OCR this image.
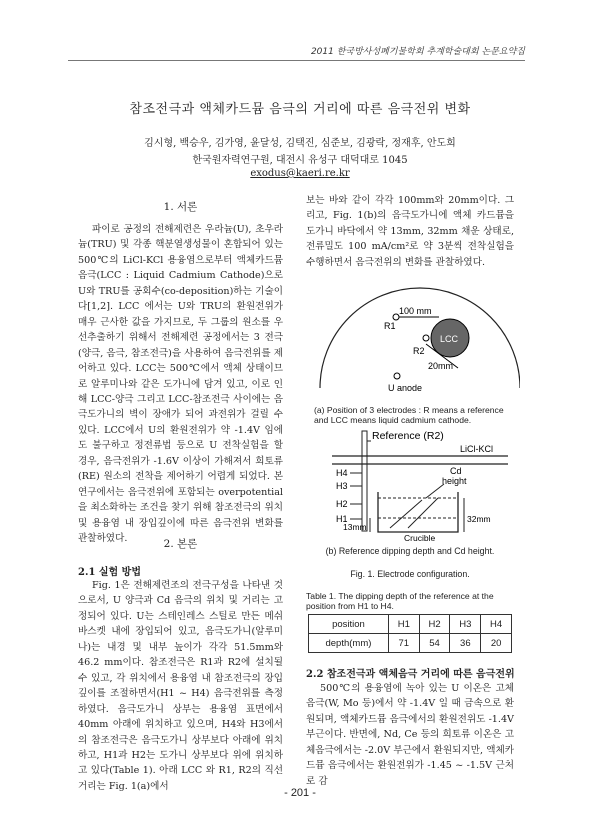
2011 한국방사성폐기물학회 추계학술대회 논문요약집
참조전극과 액체카드뮴 음극의 거리에 따른 음극전위 변화
김시형, 백승우, 김가영, 윤달성, 김택진, 심준보, 김광락, 정재후, 안도희
한국원자력연구원, 대전시 유성구 대덕대로 1045
exodus@kaeri.re.kr
1. 서론

파이로 공정의 전해제련은 우라늄(U), 초우라늄(TRU) 및 각종 핵분열생성물이 혼합되어 있는 500℃의 LiCl-KCl 용융염으로부터 액체카드뮴 음극(LCC : Liquid Cadmium Cathode)으로 U와 TRU를 공회수(co-deposition)하는 기술이다[1,2]. LCC 에서는 U와 TRU의 환원전위가 매우 근사한 값을 가지므로, 두 그룹의 원소를 우선추출하기 위해서 전해제련 공정에서는 3 전극(양극, 음극, 참조전극)을 사용하여 음극전위를 제어하고 있다. LCC는 500℃에서 액체 상태이므로 알루미나와 같은 도가니에 담겨 있고, 이로 인해 LCC-양극 그리고 LCC-참조전극 사이에는 음극도가니의 벽이 장애가 되어 과전위가 걸릴 수 있다. LCC에서 U의 환원전위가 약 -1.4V 임에도 불구하고 정전류법 등으로 U 전착실험을 할 경우, 음극전위가 -1.6V 이상이 가해져서 희토류(RE) 원소의 전착을 제어하기 어렵게 되었다. 본 연구에서는 음극전위에 포함되는 overpotential을 최소화하는 조건을 찾기 위해 참조전극의 위치 및 용융염 내 장입깊이에 따른 음극전위 변화를 관찰하였다.	2. 본론
2.1 실험 방법

Fig. 1은 전해제련조의 전극구성을 나타낸 것으로서, U 양극과 Cd 음극의 위치 및 거리는 고정되어 있다. U는 스테인레스 스틸로 만든 메쉬 바스켓 내에 장입되어 있고, 음극도가니(알루미나)는 내경 및 내부 높이가 각각 51.5mm와 46.2 mm이다. 참조전극은 R1과 R2에 설치될 수 있고, 각 위치에서 용융염 내 참조전극의 장입깊이를 조절하면서(H1 ~ H4) 음극전위를 측정하였다. 음극도가니 상부는 용융염 표면에서 40mm 아래에 위치하고 있으며, H4와 H3에서의 참조전극은 음극도가니 상부보다 아래에 위치하고, H1과 H2는 도가니 상부보다 위에 위치하고 있다(Table 1). 아래 LCC 와 R1, R2의 직선거리는 Fig. 1(a)에서

보는 바와 같이 각각 100mm와 20mm이다. 그리고, Fig. 1(b)의 음극도가니에 액체 카드뮴을 도가니 바닥에서 약 13mm, 32mm 채운 상태로, 전류밀도 100 mA/cm²로 약 3분씩 전착실험을 수행하면서 음극전위의 변화를 관찰하였다.

100 mm
R1
R2
LCC
20mm
U anode
(a) Position of 3 electrodes : R means a reference and LCC means liquid cadmium cathode.
Reference (R2)
LiCl-KCl
H4
H3
H2
H1
Cd
height
32mm
13mm
Crucible
(b) Reference dipping depth and Cd height.
Fig. 1. Electrode configuration.
Table 1. The dipping depth of the reference at the position from H1 to H4.
position	H1	H2	H3	H4
depth(mm)	71	54	36	20
2.2 참조전극과 액체음극 거리에 따른 음극전위

500℃의 용융염에 녹아 있는 U 이온은 고체음극(W, Mo 등)에서 약 -1.4V 일 때 금속으로 환원되며, 액체카드뮴 음극에서의 환원전위도 -1.4V 부근이다. 반면에, Nd, Ce 등의 희토류 이온은 고체음극에서는 -2.0V 부근에서 환원되지만, 액체카드뮴 음극에서는 환원전위가 -1.45 ~ -1.5V 근처로 감

- 201 -
